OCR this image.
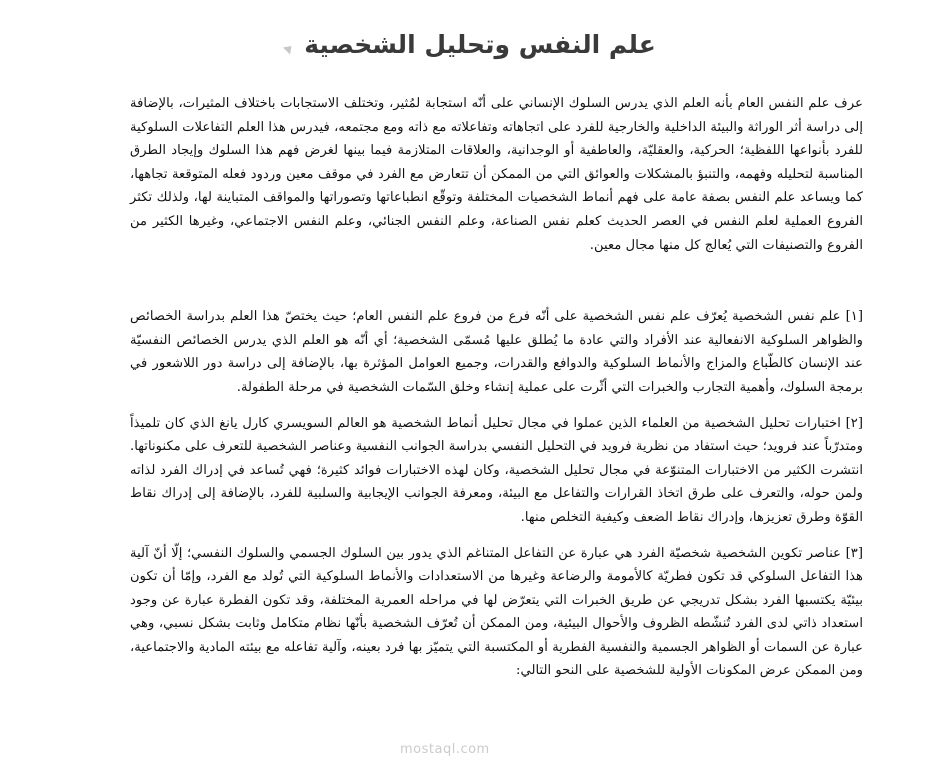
علم النفس وتحليل الشخصية

عرف علم النفس العام بأنه العلم الذي يدرس السلوك الإنساني على أنّه استجابة لمُثير، وتختلف الاستجابات باختلاف المثيرات، بالإضافة إلى دراسة أثر الوراثة والبيئة الداخلية والخارجية للفرد على اتجاهاته وتفاعلاته مع ذاته ومع مجتمعه، فيدرس هذا العلم التفاعلات السلوكية للفرد بأنواعها اللفظية؛ الحركية، والعقليّة، والعاطفية أو الوجدانية، والعلاقات المتلازمة فيما بينها لغرض فهم هذا السلوك وإيجاد الطرق المناسبة لتحليله وفهمه، والتنبؤ بالمشكلات والعوائق التي من الممكن أن تتعارض مع الفرد في موقف معين وردود فعله المتوقعة تجاهها، كما ويساعد علم النفس بصفة عامة على فهم أنماط الشخصيات المختلفة وتوقّع انطباعاتها وتصوراتها والمواقف المتباينة لها، ولذلك تكثر الفروع العملية لعلم النفس في العصر الحديث كعلم نفس الصناعة، وعلم النفس الجنائي، وعلم النفس الاجتماعي، وغيرها الكثير من الفروع والتصنيفات التي يُعالج كل منها مجال معين.

[١] علم نفس الشخصية يُعرّف علم نفس الشخصية على أنّه فرع من فروع علم النفس العام؛ حيث يختصّ هذا العلم بدراسة الخصائص والظواهر السلوكية الانفعالية عند الأفراد والتي عادة ما يُطلق عليها مُسمّى الشخصية؛ أي أنّه هو العلم الذي يدرس الخصائص النفسيّة عند الإنسان كالطّباع والمزاج والأنماط السلوكية والدوافع والقدرات، وجميع العوامل المؤثرة بها، بالإضافة إلى دراسة دور اللاشعور في برمجة السلوك، وأهمية التجارب والخبرات التي أثّرت على عملية إنشاء وخلق السّمات الشخصية في مرحلة الطفولة.

[٢] اختبارات تحليل الشخصية من العلماء الذين عملوا في مجال تحليل أنماط الشخصية هو العالم السويسري كارل يانغ الذي كان تلميذاً ومتدرّباً عند فرويد؛ حيث استفاد من نظرية فرويد في التحليل النفسي بدراسة الجوانب النفسية وعناصر الشخصية للتعرف على مكنوناتها. انتشرت الكثير من الاختبارات المتنوّعة في مجال تحليل الشخصية، وكان لهذه الاختبارات فوائد كثيرة؛ فهي تُساعد في إدراك الفرد لذاته ولمن حوله، والتعرف على طرق اتخاذ القرارات والتفاعل مع البيئة، ومعرفة الجوانب الإيجابية والسلبية للفرد، بالإضافة إلى إدراك نقاط القوّة وطرق تعزيزها، وإدراك نقاط الضعف وكيفية التخلص منها.

[٣] عناصر تكوين الشخصية شخصيّة الفرد هي عبارة عن التفاعل المتناغم الذي يدور بين السلوك الجسمي والسلوك النفسي؛ إلّا أنّ آلية هذا التفاعل السلوكي قد تكون فطريّة كالأمومة والرضاعة وغيرها من الاستعدادات والأنماط السلوكية التي تُولد مع الفرد، وإمّا أن تكون بيئيّة يكتسبها الفرد بشكل تدريجي عن طريق الخبرات التي يتعرّض لها في مراحله العمرية المختلفة، وقد تكون الفطرة عبارة عن وجود استعداد ذاتي لدى الفرد تُنشّطه الظروف والأحوال البيئية، ومن الممكن أن تُعرّف الشخصية بأنّها نظام متكامل وثابت بشكل نسبي، وهي عبارة عن السمات أو الظواهر الجسمية والنفسية الفطرية أو المكتسبة التي يتميّز بها فرد بعينه، وآلية تفاعله مع بيئته المادية والاجتماعية، ومن الممكن عرض المكونات الأولية للشخصية على النحو التالي:

mostaql.com
